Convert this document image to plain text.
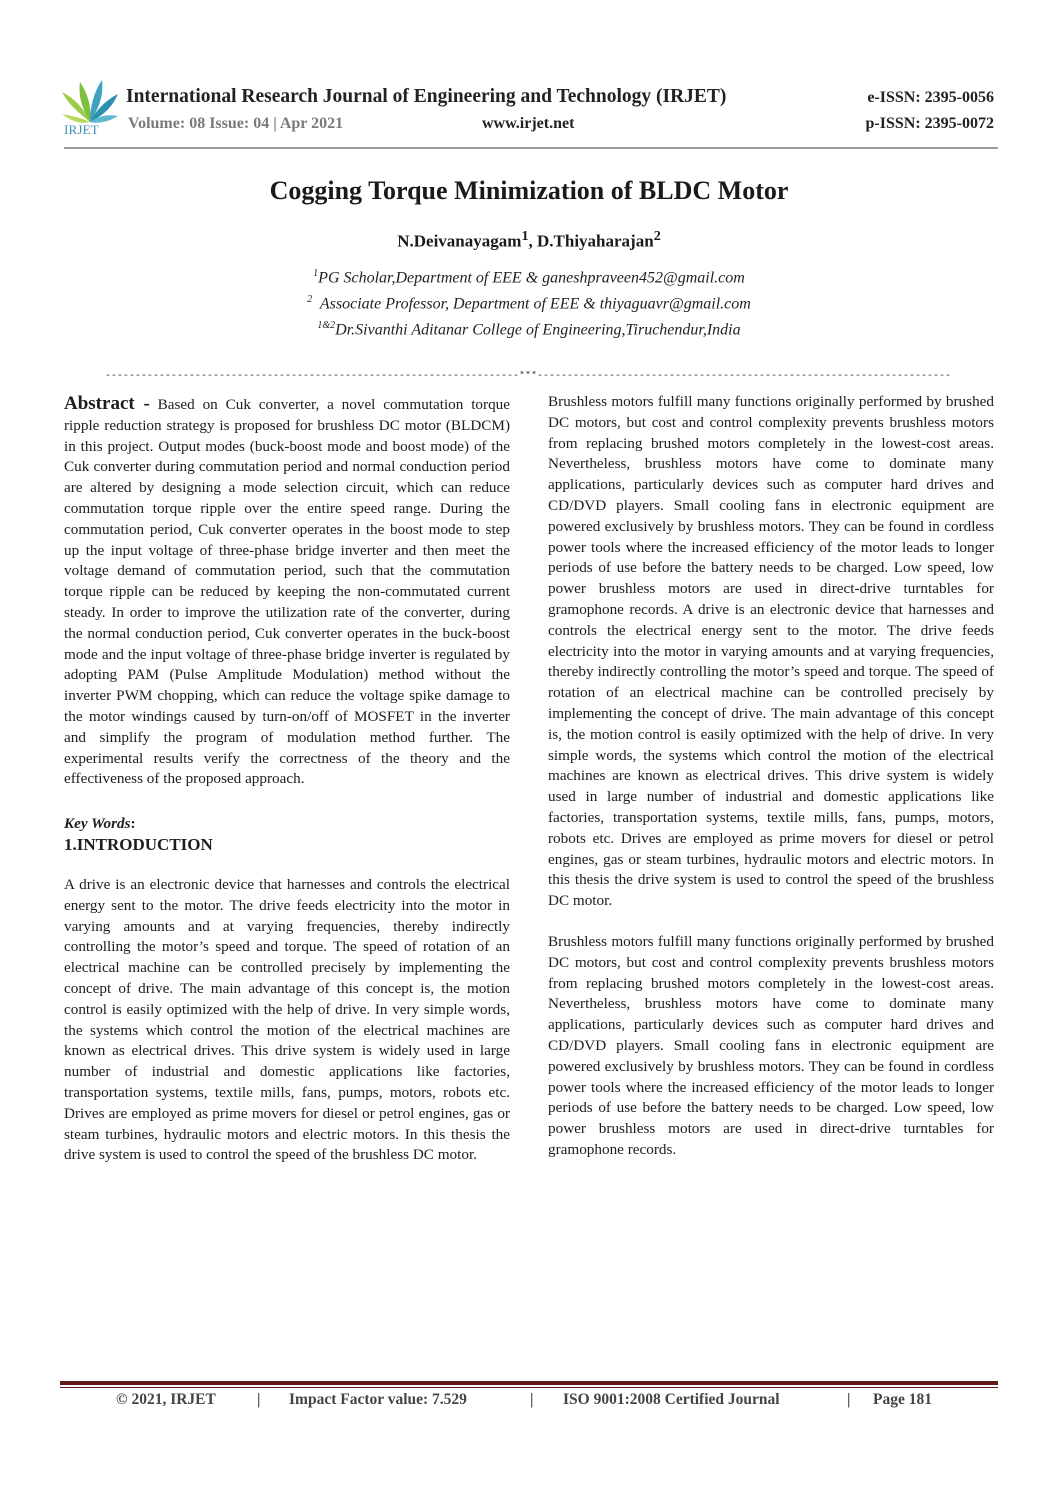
IRJET
International Research Journal of Engineering and Technology (IRJET)
Volume: 08 Issue: 04 | Apr 2021	www.irjet.net
e-ISSN: 2395-0056
p-ISSN: 2395-0072
Cogging Torque Minimization of BLDC Motor
N.Deivanayagam$^1$, D.Thiyaharajan$^2$
$^1$PG Scholar,Department of EEE & ganeshpraveen452@gmail.com
$^2$  Associate Professor, Department of EEE & thiyaguavr@gmail.com
$^{1\&2}$Dr.Sivanthi Aditanar College of Engineering,Tiruchendur,India
---------------------------------------------------------------------***---------------------------------------------------------------------

Abstract - Based on Cuk converter, a novel commutation torque ripple reduction strategy is proposed for brushless DC motor (BLDCM) in this project. Output modes (buck-boost mode and boost mode) of the Cuk converter during commutation period and normal conduction period are altered by designing a mode selection circuit, which can reduce commutation torque ripple over the entire speed range. During the commutation period, Cuk converter operates in the boost mode to step up the input voltage of three-phase bridge inverter and then meet the voltage demand of commutation period, such that the commutation torque ripple can be reduced by keeping the non-commutated current steady. In order to improve the utilization rate of the converter, during the normal conduction period, Cuk converter operates in the buck-boost mode and the input voltage of three-phase bridge inverter is regulated by adopting PAM (Pulse Amplitude Modulation) method without the inverter PWM chopping, which can reduce the voltage spike damage to the motor windings caused by turn-on/off of MOSFET in the inverter and simplify the program of modulation method further. The experimental results verify the correctness of the theory and the effectiveness of the proposed approach.

Key Words:

1.INTRODUCTION

A drive is an electronic device that harnesses and controls the electrical energy sent to the motor. The drive feeds electricity into the motor in varying amounts and at varying frequencies, thereby indirectly controlling the motor’s speed and torque. The speed of rotation of an electrical machine can be controlled precisely by implementing the concept of drive. The main advantage of this concept is, the motion control is easily optimized with the help of drive. In very simple words, the systems which control the motion of the electrical machines are known as electrical drives. This drive system is widely used in large number of industrial and domestic applications like factories, transportation systems, textile mills, fans, pumps, motors, robots etc. Drives are employed as prime movers for diesel or petrol engines, gas or steam turbines, hydraulic motors and electric motors. In this thesis the drive system is used to control the speed of the brushless DC motor.

Brushless motors fulfill many functions originally performed by brushed DC motors, but cost and control complexity prevents brushless motors from replacing brushed motors completely in the lowest-cost areas. Nevertheless, brushless motors have come to dominate many applications, particularly devices such as computer hard drives and CD/DVD players. Small cooling fans in electronic equipment are powered exclusively by brushless motors. They can be found in cordless power tools where the increased efficiency of the motor leads to longer periods of use before the battery needs to be charged. Low speed, low power brushless motors are used in direct-drive turntables for gramophone records. A drive is an electronic device that harnesses and controls the electrical energy sent to the motor. The drive feeds electricity into the motor in varying amounts and at varying frequencies, thereby indirectly controlling the motor’s speed and torque. The speed of rotation of an electrical machine can be controlled precisely by implementing the concept of drive. The main advantage of this concept is, the motion control is easily optimized with the help of drive. In very simple words, the systems which control the motion of the electrical machines are known as electrical drives. This drive system is widely used in large number of industrial and domestic applications like factories, transportation systems, textile mills, fans, pumps, motors, robots etc. Drives are employed as prime movers for diesel or petrol engines, gas or steam turbines, hydraulic motors and electric motors. In this thesis the drive system is used to control the speed of the brushless DC motor.

Brushless motors fulfill many functions originally performed by brushed DC motors, but cost and control complexity prevents brushless motors from replacing brushed motors completely in the lowest-cost areas. Nevertheless, brushless motors have come to dominate many applications, particularly devices such as computer hard drives and CD/DVD players. Small cooling fans in electronic equipment are powered exclusively by brushless motors. They can be found in cordless power tools where the increased efficiency of the motor leads to longer periods of use before the battery needs to be charged. Low speed, low power brushless motors are used in direct-drive turntables for gramophone records.

© 2021, IRJET	| Impact Factor value: 7.529	| ISO 9001:2008 Certified Journal	| Page 181
